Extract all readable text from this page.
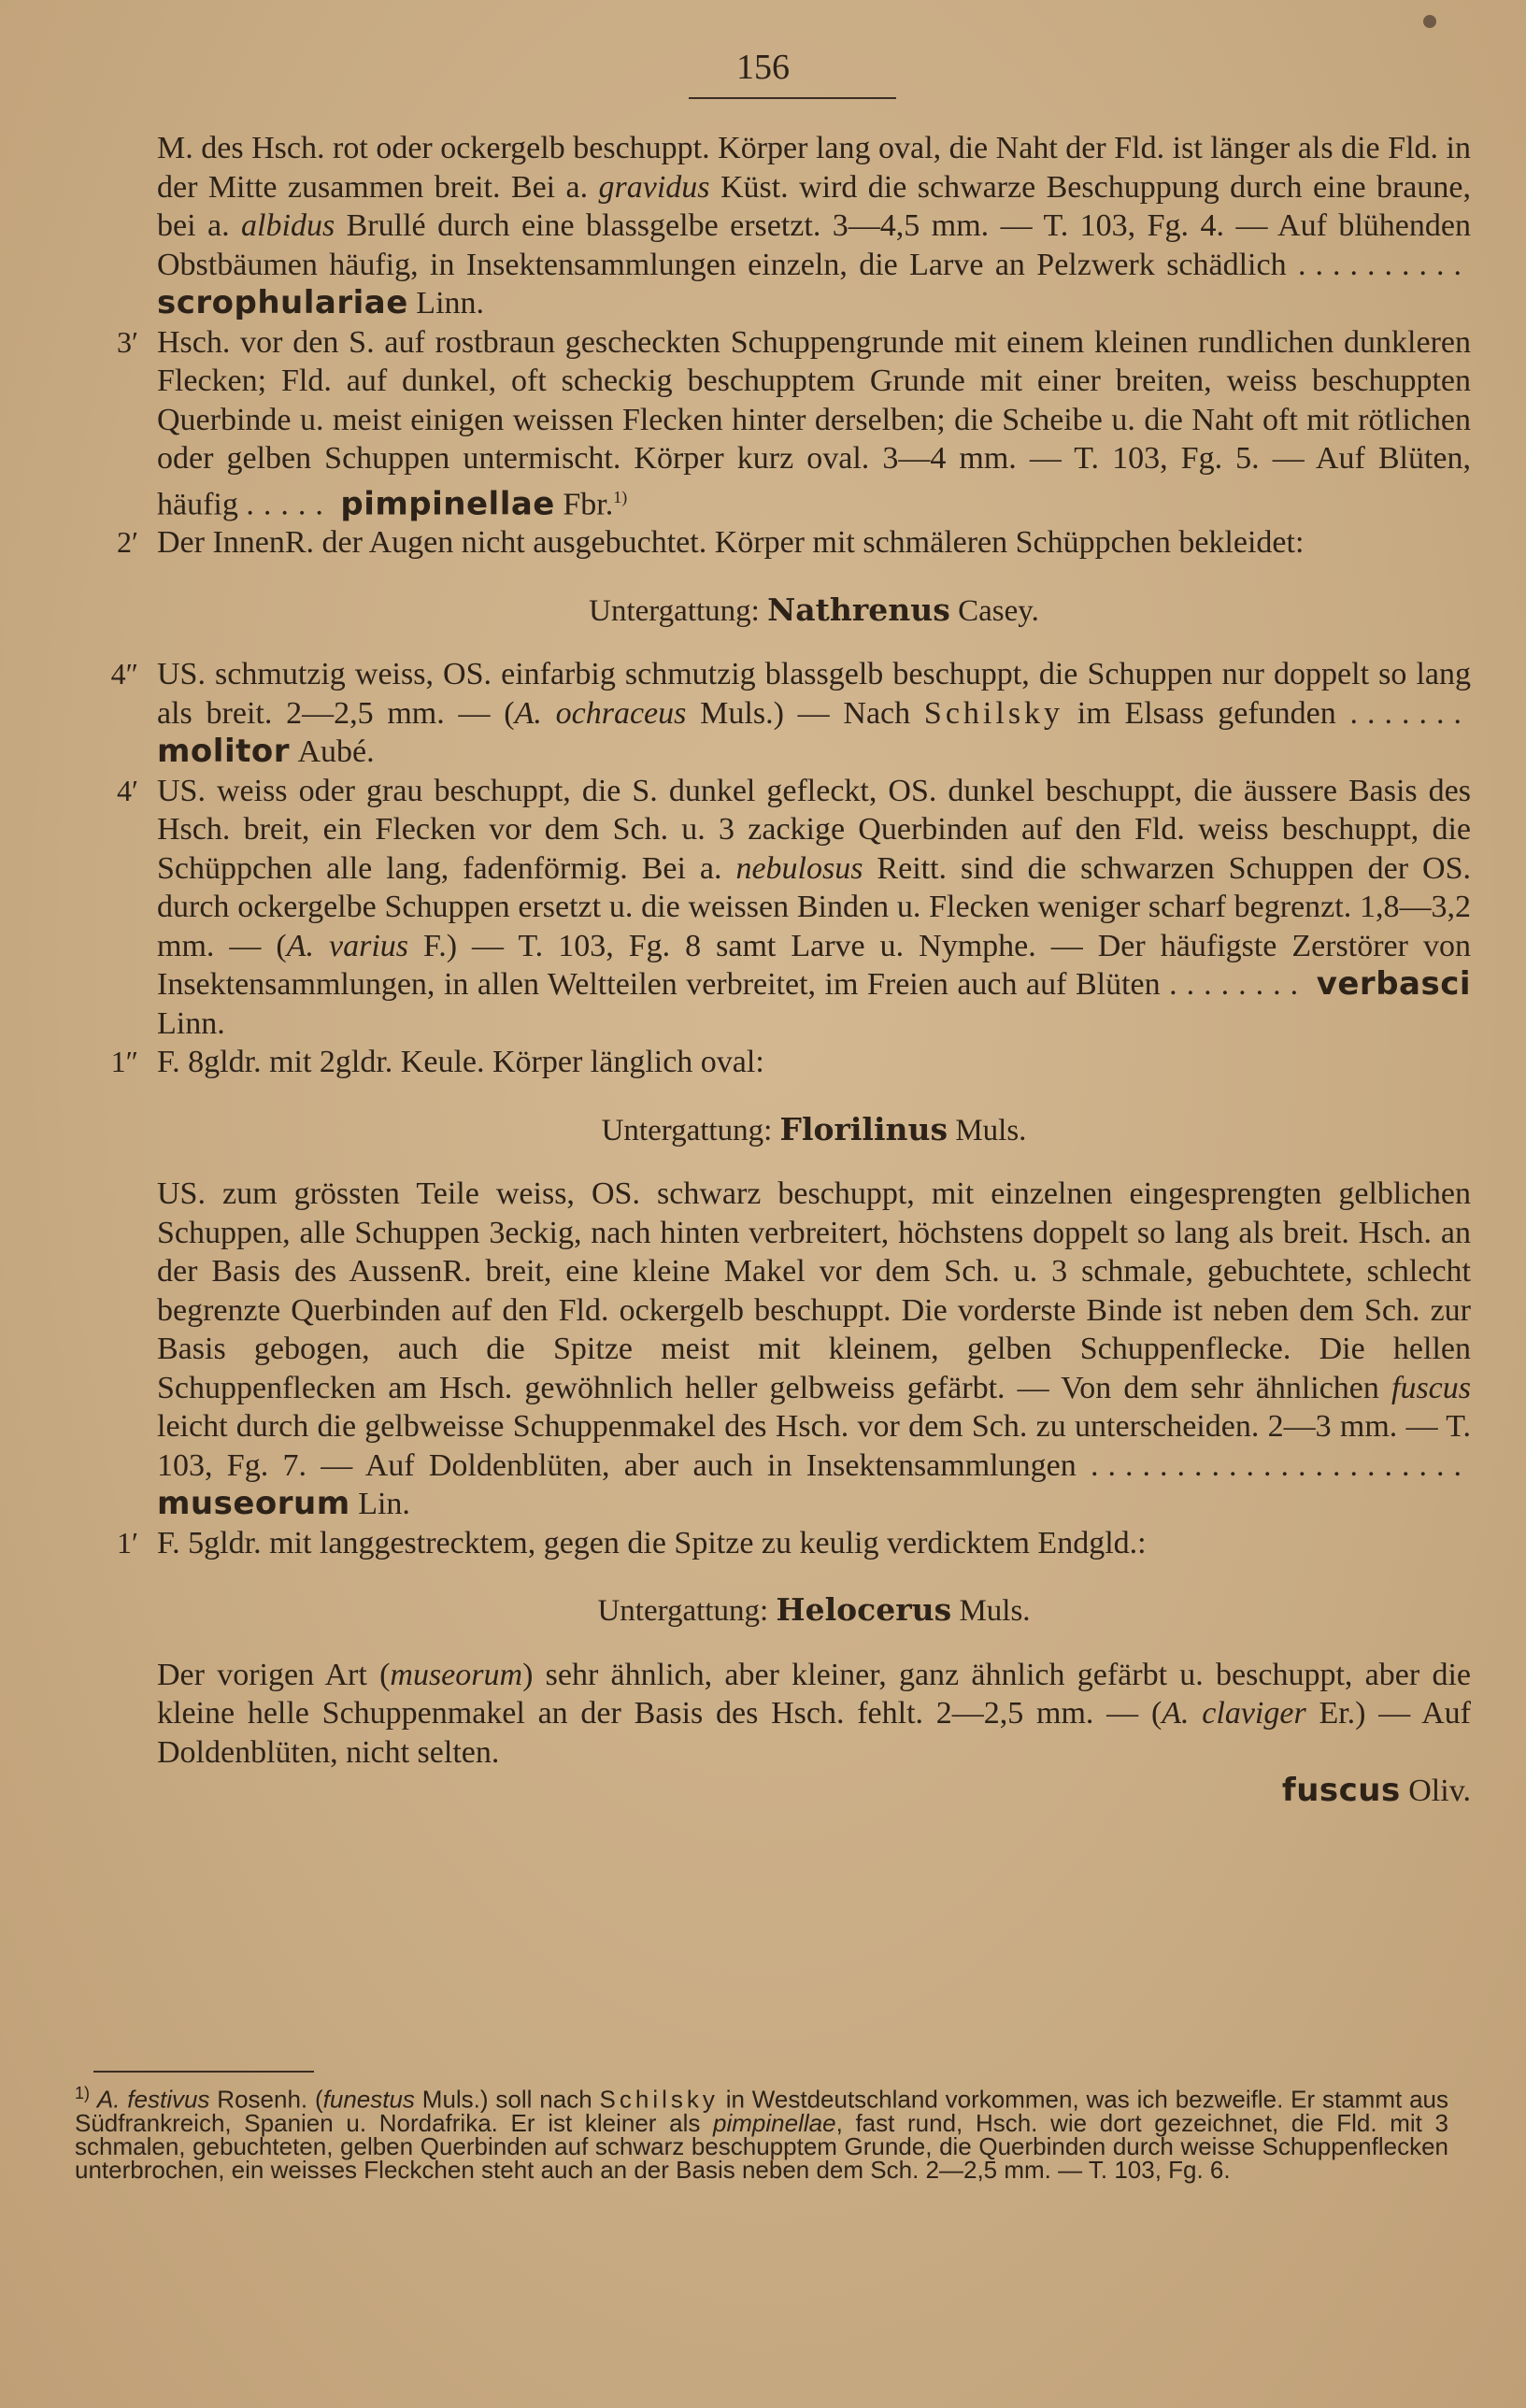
156

M. des Hsch. rot oder ockergelb beschuppt. Körper lang oval, die Naht der Fld. ist länger als die Fld. in der Mitte zusammen breit. Bei a. gravidus Küst. wird die schwarze Beschuppung durch eine braune, bei a. albidus Brullé durch eine blassgelbe ersetzt. 3—4,5 mm. — T. 103, Fg. 4. — Auf blühenden Obstbäumen häufig, in Insektensammlungen einzeln, die Larve an Pelzwerk schädlich .......... scrophulariae Linn.

3′ Hsch. vor den S. auf rostbraun gescheckten Schuppengrunde mit einem kleinen rundlichen dunkleren Flecken; Fld. auf dunkel, oft scheckig beschupptem Grunde mit einer breiten, weiss beschuppten Querbinde u. meist einigen weissen Flecken hinter derselben; die Scheibe u. die Naht oft mit rötlichen oder gelben Schuppen untermischt. Körper kurz oval. 3—4 mm. — T. 103, Fg. 5. — Auf Blüten, häufig ..... pimpinellae Fbr.$^{1)}$
2′ Der InnenR. der Augen nicht ausgebuchtet. Körper mit schmäleren Schüppchen bekleidet:
Untergattung: Nathrenus Casey.
4″ US. schmutzig weiss, OS. einfarbig schmutzig blassgelb beschuppt, die Schuppen nur doppelt so lang als breit. 2—2,5 mm. — (A. ochraceus Muls.) — Nach Schilsky im Elsass gefunden ....... molitor Aubé.
4′ US. weiss oder grau beschuppt, die S. dunkel gefleckt, OS. dunkel beschuppt, die äussere Basis des Hsch. breit, ein Flecken vor dem Sch. u. 3 zackige Querbinden auf den Fld. weiss beschuppt, die Schüppchen alle lang, fadenförmig. Bei a. nebulosus Reitt. sind die schwarzen Schuppen der OS. durch ockergelbe Schuppen ersetzt u. die weissen Binden u. Flecken weniger scharf begrenzt. 1,8—3,2 mm. — (A. varius F.) — T. 103, Fg. 8 samt Larve u. Nymphe. — Der häufigste Zerstörer von Insektensammlungen, in allen Weltteilen verbreitet, im Freien auch auf Blüten ........ verbasci Linn.
1″ F. 8gldr. mit 2gldr. Keule. Körper länglich oval:
Untergattung: Florilinus Muls.

US. zum grössten Teile weiss, OS. schwarz beschuppt, mit einzelnen eingesprengten gelblichen Schuppen, alle Schuppen 3eckig, nach hinten verbreitert, höchstens doppelt so lang als breit. Hsch. an der Basis des AussenR. breit, eine kleine Makel vor dem Sch. u. 3 schmale, gebuchtete, schlecht begrenzte Querbinden auf den Fld. ockergelb beschuppt. Die vorderste Binde ist neben dem Sch. zur Basis gebogen, auch die Spitze meist mit kleinem, gelben Schuppenflecke. Die hellen Schuppenflecken am Hsch. gewöhnlich heller gelbweiss gefärbt. — Von dem sehr ähnlichen fuscus leicht durch die gelbweisse Schuppenmakel des Hsch. vor dem Sch. zu unterscheiden. 2—3 mm. — T. 103, Fg. 7. — Auf Doldenblüten, aber auch in Insektensammlungen ...................... museorum Lin.

1′ F. 5gldr. mit langgestrecktem, gegen die Spitze zu keulig verdicktem Endgld.:
Untergattung: Helocerus Muls.

Der vorigen Art (museorum) sehr ähnlich, aber kleiner, ganz ähnlich gefärbt u. beschuppt, aber die kleine helle Schuppenmakel an der Basis des Hsch. fehlt. 2—2,5 mm. — (A. claviger Er.) — Auf Doldenblüten, nicht selten.

fuscus Oliv.
$^{1)}$ A. festivus Rosenh. (funestus Muls.) soll nach Schilsky in Westdeutschland vorkommen, was ich bezweifle. Er stammt aus Südfrankreich, Spanien u. Nordafrika. Er ist kleiner als pimpinellae, fast rund, Hsch. wie dort gezeichnet, die Fld. mit 3 schmalen, gebuchteten, gelben Querbinden auf schwarz beschupptem Grunde, die Querbinden durch weisse Schuppenflecken unterbrochen, ein weisses Fleckchen steht auch an der Basis neben dem Sch. 2—2,5 mm. — T. 103, Fg. 6.
